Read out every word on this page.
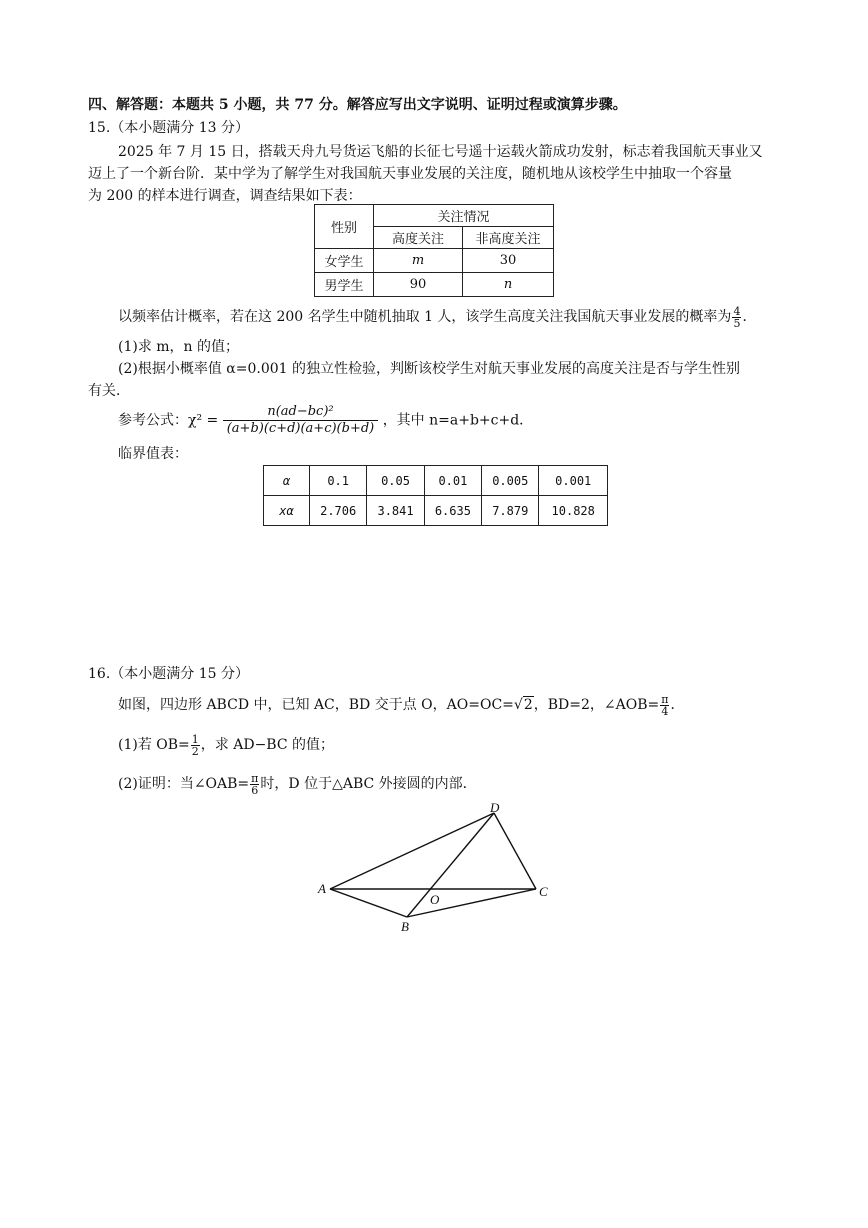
四、解答题：本题共 5 小题，共 77 分。解答应写出文字说明、证明过程或演算步骤。
15.（本小题满分 13 分）
2025 年 7 月 15 日，搭载天舟九号货运飞船的长征七号遥十运载火箭成功发射，标志着我国航天事业又
迈上了一个新台阶．某中学为了解学生对我国航天事业发展的关注度，随机地从该校学生中抽取一个容量
为 200 的样本进行调查，调查结果如下表：
性别	关注情况	
	高度关注	非高度关注
女学生	m	30
男学生	90	n
以频率估计概率，若在这 200 名学生中随机抽取 1 人，该学生高度关注我国航天事业发展的概率为 $\frac{4}{5}$ ．
(1)求 m，n 的值；
(2)根据小概率值 α=0.001 的独立性检验，判断该校学生对航天事业发展的高度关注是否与学生性别
有关．
参考公式：$\chi^2 = \frac{\text{n(ad−bc)²}}{(a+b)(c+d)(a+c)(b+d)}$ ，其中 n=a+b+c+d．
临界值表：
α	0.1	0.05	0.01	0.005	0.001
xα	2.706	3.841	6.635	7.879	10.828
16.（本小题满分 15 分）
如图，四边形 ABCD 中，已知 AC，BD 交于点 O，AO=OC=√2，BD=2，∠AOB= $\frac{\pi}{4}$ ．
(1)若 $OB= \frac{1}{2}$ ，求 AD−BC 的值；
(2)证明：当∠OAB= $\frac{\pi}{6}$ 时，D 位于△ABC 外接圆的内部．
A
B
C
D
O
